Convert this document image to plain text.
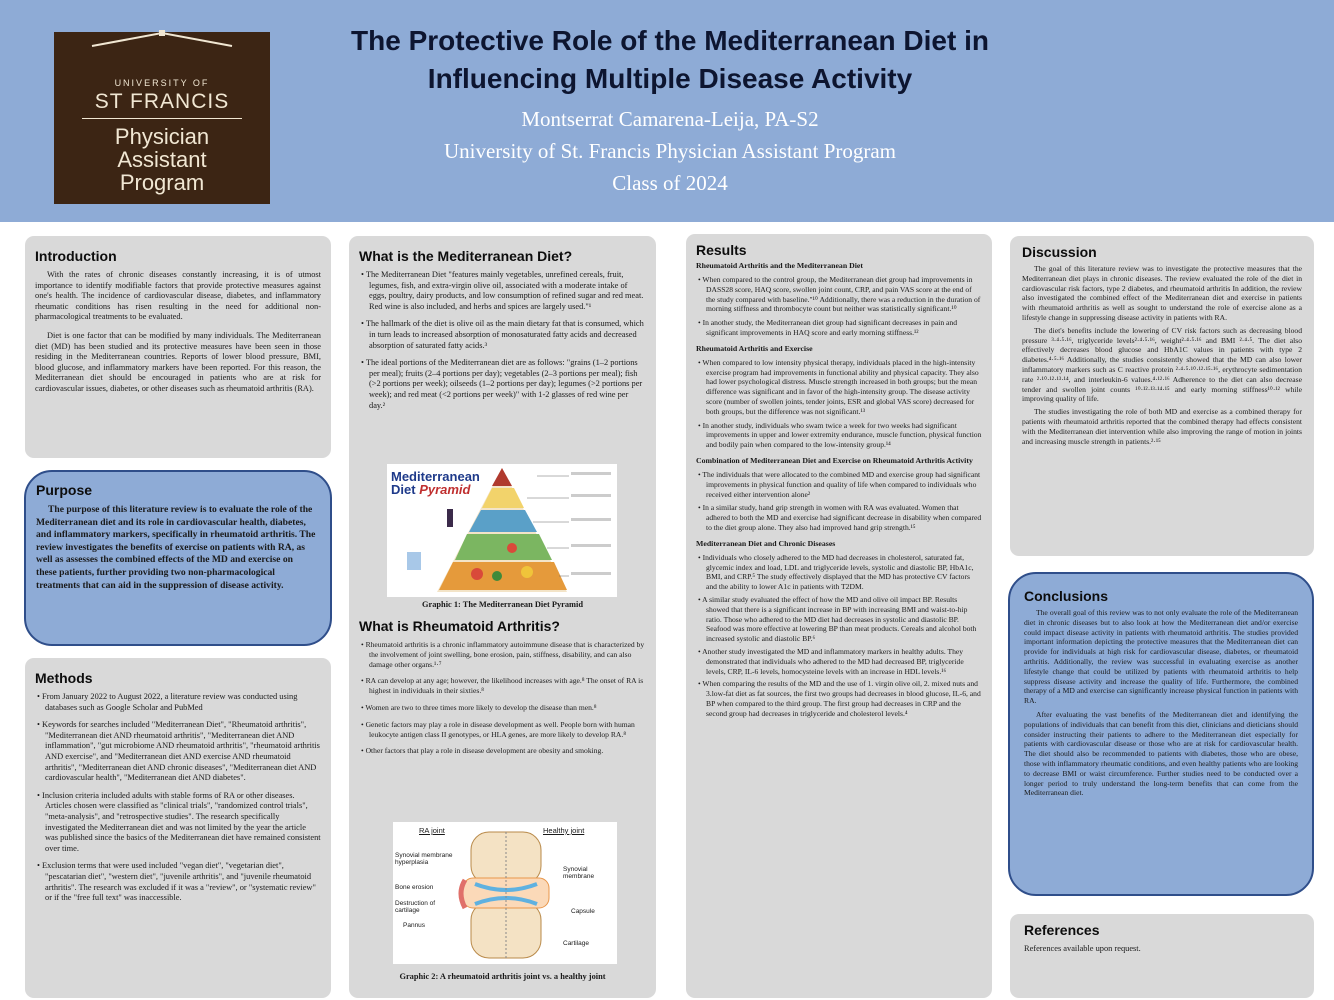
UNIVERSITY OF
ST FRANCIS
Physician
Assistant
Program
The Protective Role of the Mediterranean Diet in
Influencing Multiple Disease Activity
Montserrat Camarena-Leija, PA-S2
University of St. Francis Physician Assistant Program
Class of 2024
Introduction
With the rates of chronic diseases constantly increasing, it is of utmost importance to identify modifiable factors that provide protective measures against one's health. The incidence of cardiovascular disease, diabetes, and inflammatory rheumatic conditions has risen resulting in the need for additional non-pharmacological treatments to be evaluated.
Diet is one factor that can be modified by many individuals. The Mediterranean diet (MD) has been studied and its protective measures have been seen in those residing in the Mediterranean countries. Reports of lower blood pressure, BMI, blood glucose, and inflammatory markers have been reported. For this reason, the Mediterranean diet should be encouraged in patients who are at risk for cardiovascular issues, diabetes, or other diseases such as rheumatoid arthritis (RA).
Purpose
The purpose of this literature review is to evaluate the role of the Mediterranean diet and its role in cardiovascular health, diabetes, and inflammatory markers, specifically in rheumatoid arthritis. The review investigates the benefits of exercise on patients with RA, as well as assesses the combined effects of the MD and exercise on these patients, further providing two non-pharmacological treatments that can aid in the suppression of disease activity.
Methods
• From January 2022 to August 2022, a literature review was conducted using databases such as Google Scholar and PubMed
• Keywords for searches included "Mediterranean Diet", "Rheumatoid arthritis", "Mediterranean diet AND rheumatoid arthritis", "Mediterranean diet AND inflammation", "gut microbiome AND rheumatoid arthritis", "rheumatoid arthritis AND exercise", and "Mediterranean diet AND exercise AND rheumatoid arthritis", "Mediterranean diet AND chronic diseases", "Mediterranean diet AND cardiovascular health", "Mediterranean diet AND diabetes".
• Inclusion criteria included adults with stable forms of RA or other diseases. Articles chosen were classified as "clinical trials", "randomized control trials", "meta-analysis", and "retrospective studies". The research specifically investigated the Mediterranean diet and was not limited by the year the article was published since the basics of the Mediterranean diet have remained consistent over time.
• Exclusion terms that were used included "vegan diet", "vegetarian diet", "pescatarian diet", "western diet", "juvenile arthritis", and "juvenile rheumatoid arthritis". The research was excluded if it was a "review", or "systematic review" or if the "free full text" was inaccessible.
What is the Mediterranean Diet?
• The Mediterranean Diet "features mainly vegetables, unrefined cereals, fruit, legumes, fish, and extra-virgin olive oil, associated with a moderate intake of eggs, poultry, dairy products, and low consumption of refined sugar and red meat. Red wine is also included, and herbs and spices are largely used."¹
• The hallmark of the diet is olive oil as the main dietary fat that is consumed, which in turn leads to increased absorption of monosaturated fatty acids and decreased absorption of saturated fatty acids.³
• The ideal portions of the Mediterranean diet are as follows: "grains (1–2 portions per meal); fruits (2–4 portions per day); vegetables (2–3 portions per meal); fish (>2 portions per week); oilseeds (1–2 portions per day); legumes (>2 portions per week); and red meat (<2 portions per week)" with 1-2 glasses of red wine per day.²
Mediterranean
Diet Pyramid
Graphic 1: The Mediterranean Diet Pyramid
What is Rheumatoid Arthritis?
• Rheumatoid arthritis is a chronic inflammatory autoimmune disease that is characterized by the involvement of joint swelling, bone erosion, pain, stiffness, disability, and can also damage other organs.¹·⁷
• RA can develop at any age; however, the likelihood increases with age.⁸ The onset of RA is highest in individuals in their sixties.⁸
• Women are two to three times more likely to develop the disease than men.⁸
• Genetic factors may play a role in disease development as well. People born with human leukocyte antigen class II genotypes, or HLA genes, are more likely to develop RA.⁸
• Other factors that play a role in disease development are obesity and smoking.
RA joint	Healthy joint
Synovial membrane hyperplasia
Bone erosion
Destruction of cartilage
Pannus
Synovial membrane
Capsule
Cartilage
Graphic 2: A rheumatoid arthritis joint vs. a healthy joint
Results
Rheumatoid Arthritis and the Mediterranean Diet
• When compared to the control group, the Mediterranean diet group had improvements in DASS28 score, HAQ score, swollen joint count, CRP, and pain VAS score at the end of the study compared with baseline."¹⁰ Additionally, there was a reduction in the duration of morning stiffness and thrombocyte count but neither was statistically significant.¹⁰
• In another study, the Mediterranean diet group had significant decreases in pain and significant improvements in HAQ score and early morning stiffness.¹²
Rheumatoid Arthritis and Exercise
• When compared to low intensity physical therapy, individuals placed in the high-intensity exercise program had improvements in functional ability and physical capacity. They also had lower psychological distress. Muscle strength increased in both groups; but the mean difference was significant and in favor of the high-intensity group. The disease activity score (number of swollen joints, tender joints, ESR and global VAS score) decreased for both groups, but the difference was not significant.¹³
• In another study, individuals who swam twice a week for two weeks had significant improvements in upper and lower extremity endurance, muscle function, physical function and bodily pain when compared to the low-intensity group.¹⁴
Combination of Mediterranean Diet and Exercise on Rheumatoid Arthritis Activity
• The individuals that were allocated to the combined MD and exercise group had significant improvements in physical function and quality of life when compared to individuals who received either intervention alone²
• In a similar study, hand grip strength in women with RA was evaluated. Women that adhered to both the MD and exercise had significant decrease in disability when compared to the diet group alone. They also had improved hand grip strength.¹⁵
Mediterranean Diet and Chronic Diseases
• Individuals who closely adhered to the MD had decreases in cholesterol, saturated fat, glycemic index and load, LDL and triglyceride levels, systolic and diastolic BP, HbA1c, BMI, and CRP.⁵ The study effectively displayed that the MD has protective CV factors and the ability to lower A1c in patients with T2DM.
• A similar study evaluated the effect of how the MD and olive oil impact BP. Results showed that there is a significant increase in BP with increasing BMI and waist-to-hip ratio. Those who adhered to the MD diet had decreases in systolic and diastolic BP. Seafood was more effective at lowering BP than meat products. Cereals and alcohol both increased systolic and diastolic BP.⁶
• Another study investigated the MD and inflammatory markers in healthy adults. They demonstrated that individuals who adhered to the MD had decreased BP, triglyceride levels, CRP, IL-6 levels, homocysteine levels with an increase in HDL levels.¹⁶
• When comparing the results of the MD and the use of 1. virgin olive oil, 2. mixed nuts and 3.low-fat diet as fat sources, the first two groups had decreases in blood glucose, IL-6, and BP when compared to the third group. The first group had decreases in CRP and the second group had decreases in triglyceride and cholesterol levels.⁴
Discussion
The goal of this literature review was to investigate the protective measures that the Mediterranean diet plays in chronic diseases. The review evaluated the role of the diet in cardiovascular risk factors, type 2 diabetes, and rheumatoid arthritis In addition, the review also investigated the combined effect of the Mediterranean diet and exercise in patients with rheumatoid arthritis as well as sought to understand the role of exercise alone as a lifestyle change in suppressing disease activity in patients with RA.
The diet's benefits include the lowering of CV risk factors such as decreasing blood pressure ³·⁴·⁵·¹⁶, triglyceride levels²·⁴·⁵·¹⁶, weight²·⁴·⁵·¹⁶ and BMI ²·⁴·⁵. The diet also effectively decreases blood glucose and HbA1C values in patients with type 2 diabetes.⁴·⁵·¹⁶ Additionally, the studies consistently showed that the MD can also lower inflammatory markers such as C reactive protein ²·⁴·⁵·¹⁰·¹²·¹⁵·¹⁶, erythrocyte sedimentation rate ²·¹⁰·¹²·¹³·¹⁴, and interleukin-6 values.⁴·¹²·¹⁶ Adherence to the diet can also decrease tender and swollen joint counts ¹⁰·¹²·¹³·¹⁴·¹⁵ and early morning stiffness¹⁰·¹² while improving quality of life.
The studies investigating the role of both MD and exercise as a combined therapy for patients with rheumatoid arthritis reported that the combined therapy had effects consistent with the Mediterranean diet intervention while also improving the range of motion in joints and increasing muscle strength in patients.²·¹⁵
Conclusions
The overall goal of this review was to not only evaluate the role of the Mediterranean diet in chronic diseases but to also look at how the Mediterranean diet and/or exercise could impact disease activity in patients with rheumatoid arthritis. The studies provided important information depicting the protective measures that the Mediterranean diet can provide for individuals at high risk for cardiovascular disease, diabetes, or rheumatoid arthritis. Additionally, the review was successful in evaluating exercise as another lifestyle change that could be utilized by patients with rheumatoid arthritis to help suppress disease activity and increase the quality of life. Furthermore, the combined therapy of a MD and exercise can significantly increase physical function in patients with RA.
After evaluating the vast benefits of the Mediterranean diet and identifying the populations of individuals that can benefit from this diet, clinicians and dieticians should consider instructing their patients to adhere to the Mediterranean diet especially for patients with cardiovascular disease or those who are at risk for cardiovascular health. The diet should also be recommended to patients with diabetes, those who are obese, those with inflammatory rheumatic conditions, and even healthy patients who are looking to decrease BMI or waist circumference. Further studies need to be conducted over a longer period to truly understand the long-term benefits that can come from the Mediterranean diet.
References
References available upon request.
